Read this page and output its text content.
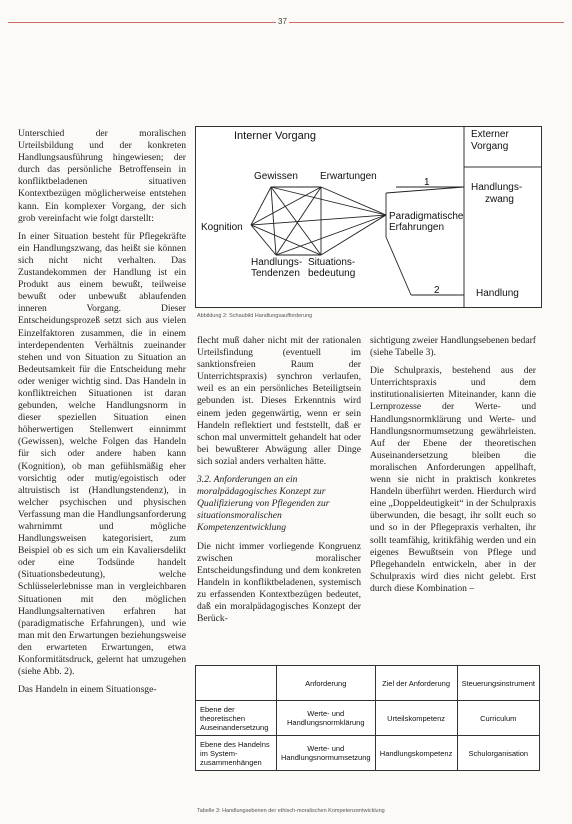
37

Unterschied der moralischen Urteilsbildung und der konkreten Handlungsausführung hingewiesen; der durch das persönliche Betroffensein in konfliktbeladenen situativen Kontextbezügen möglicherweise entstehen kann. Ein komplexer Vorgang, der sich grob vereinfacht wie folgt darstellt:

In einer Situation besteht für Pflegekräfte ein Handlungszwang, das heißt sie können sich nicht nicht verhalten. Das Zustandekommen der Handlung ist ein Produkt aus einem bewußt, teilweise bewußt oder unbewußt ablaufenden inneren Vorgang. Dieser Entscheidungsprozeß setzt sich aus vielen Einzelfaktoren zusammen, die in einem interdependenten Verhältnis zueinander stehen und von Situation zu Situation an Bedeutsamkeit für die Entscheidung mehr oder weniger wichtig sind. Das Handeln in konfliktreichen Situationen ist daran gebunden, welche Handlungsnorm in dieser speziellen Situation einen höherwertigen Stellenwert einnimmt (Gewissen), welche Folgen das Handeln für sich oder andere haben kann (Kognition), ob man gefühlsmäßig eher vorsichtig oder mutig/egoistisch oder altruistisch ist (Handlungstendenz), in welcher psychischen und physischen Verfassung man die Handlungsanforderung wahrnimmt und mögliche Handlungsweisen kategorisiert, zum Beispiel ob es sich um ein Kavaliersdelikt oder eine Todsünde handelt (Situationsbedeutung), welche Schlüsselerlebnisse man in vergleichbaren Situationen mit den möglichen Handlungsalternativen erfahren hat (paradigmatische Erfahrungen), und wie man mit den Erwartungen beziehungsweise den erwarteten Erwartungen, etwa Konformitätsdruck, gelernt hat umzugehen (siehe Abb. 2).

Das Handeln in einem Situationsge-

Interner Vorgang	Externer
Vorgang
Gewissen Erwartungen
Kognition
Paradigmatische
Erfahrungen
Handlungs-
Tendenzen
Situations-
bedeutung
Handlungs-
zwang
Handlung
1
2
Abbildung 2: Schaubild Handlungsaufforderung

flecht muß daher nicht mit der rationalen Urteilsfindung (eventuell im sanktionsfreien Raum der Unterrichtspraxis) synchron verlaufen, weil es an ein persönliches Beteiligtsein gebunden ist. Dieses Erkenntnis wird einem jeden gegenwärtig, wenn er sein Handeln reflektiert und feststellt, daß er schon mal unvermittelt gehandelt hat oder bei bewußterer Abwägung aller Dinge sich sozial anders verhalten hätte.

3.2. Anforderungen an ein moralpädagogisches Konzept zur Qualifizierung von Pflegenden zur situationsmoralischen Kompetenzentwicklung

Die nicht immer vorliegende Kongruenz zwischen moralischer Entscheidungsfindung und dem konkreten Handeln in konfliktbeladenen, systemisch zu erfassenden Kontextbezügen bedeutet, daß ein moralpädagogisches Konzept der Berück-

sichtigung zweier Handlungsebenen bedarf (siehe Tabelle 3).

Die Schulpraxis, bestehend aus der Unterrichtspraxis und dem institutionalisierten Miteinander, kann die Lernprozesse der Werte- und Handlungsnormklärung und Werte- und Handlungsnormumsetzung gewährleisten. Auf der Ebene der theoretischen Auseinandersetzung bleiben die moralischen Anforderungen appellhaft, wenn sie nicht in praktisch konkretes Handeln überführt werden. Hierdurch wird eine „Doppeldeutigkeit“ in der Schulpraxis überwunden, die besagt, ihr sollt euch so und so in der Pflegepraxis verhalten, ihr sollt teamfähig, kritikfähig werden und ein eigenes Bewußtsein von Pflege und Pflegehandeln entwickeln, aber in der Schulpraxis wird dies nicht gelebt. Erst durch diese Kombination –

	Anforderung	Ziel der Anforderung	Steuerungsinstrument
Ebene der theoretischen Auseinandersetzung	Werte- und Handlungsnormklärung	Urteilskompetenz	Curriculum
Ebene des Handelns im System-zusammenhängen	Werte- und Handlungsnormumsetzung	Handlungskompetenz	Schulorganisation
Tabelle 3: Handlungsebenen der ethisch-moralischen Kompetenzentwicklung
